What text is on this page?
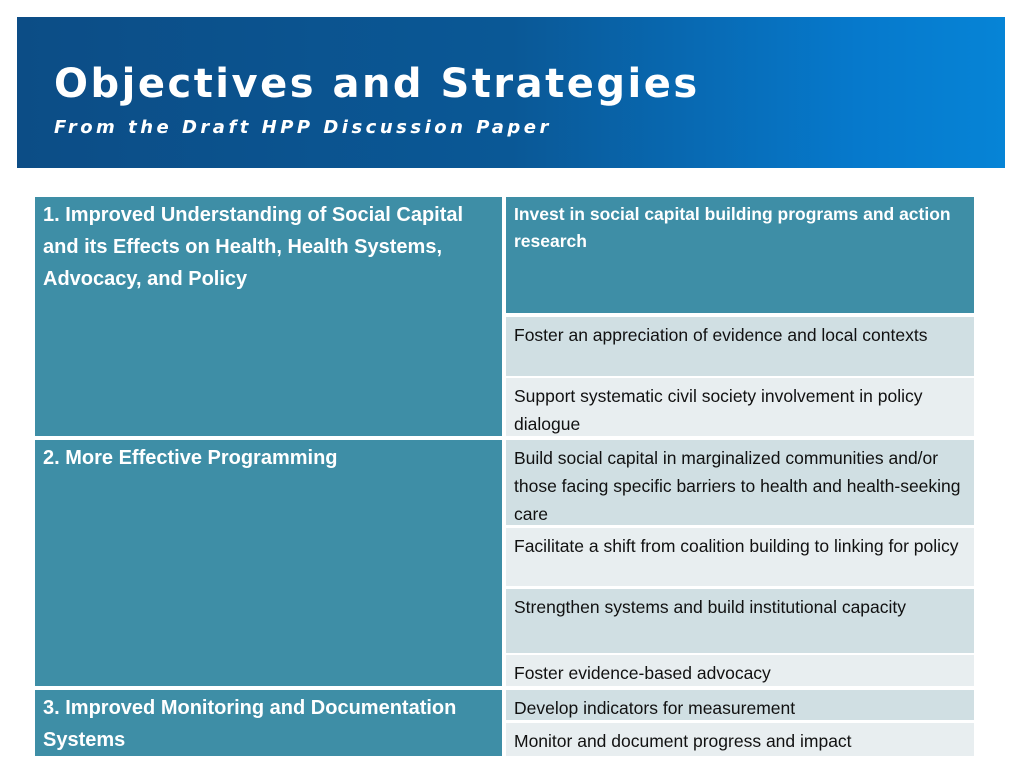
Objectives and Strategies
From the Draft HPP Discussion Paper
1. Improved Understanding of Social Capital and its Effects on Health, Health Systems, Advocacy, and Policy
2. More Effective Programming
3. Improved Monitoring and Documentation Systems
Invest in social capital building programs and action research
Foster an appreciation of evidence and local contexts
Support systematic civil society involvement in policy dialogue
Build social capital in marginalized communities and/or those facing specific barriers to health and health-seeking care
Facilitate a shift from coalition building to linking for policy
Strengthen systems and build institutional capacity
Foster evidence-based advocacy
Develop indicators for measurement
Monitor and document progress and impact
